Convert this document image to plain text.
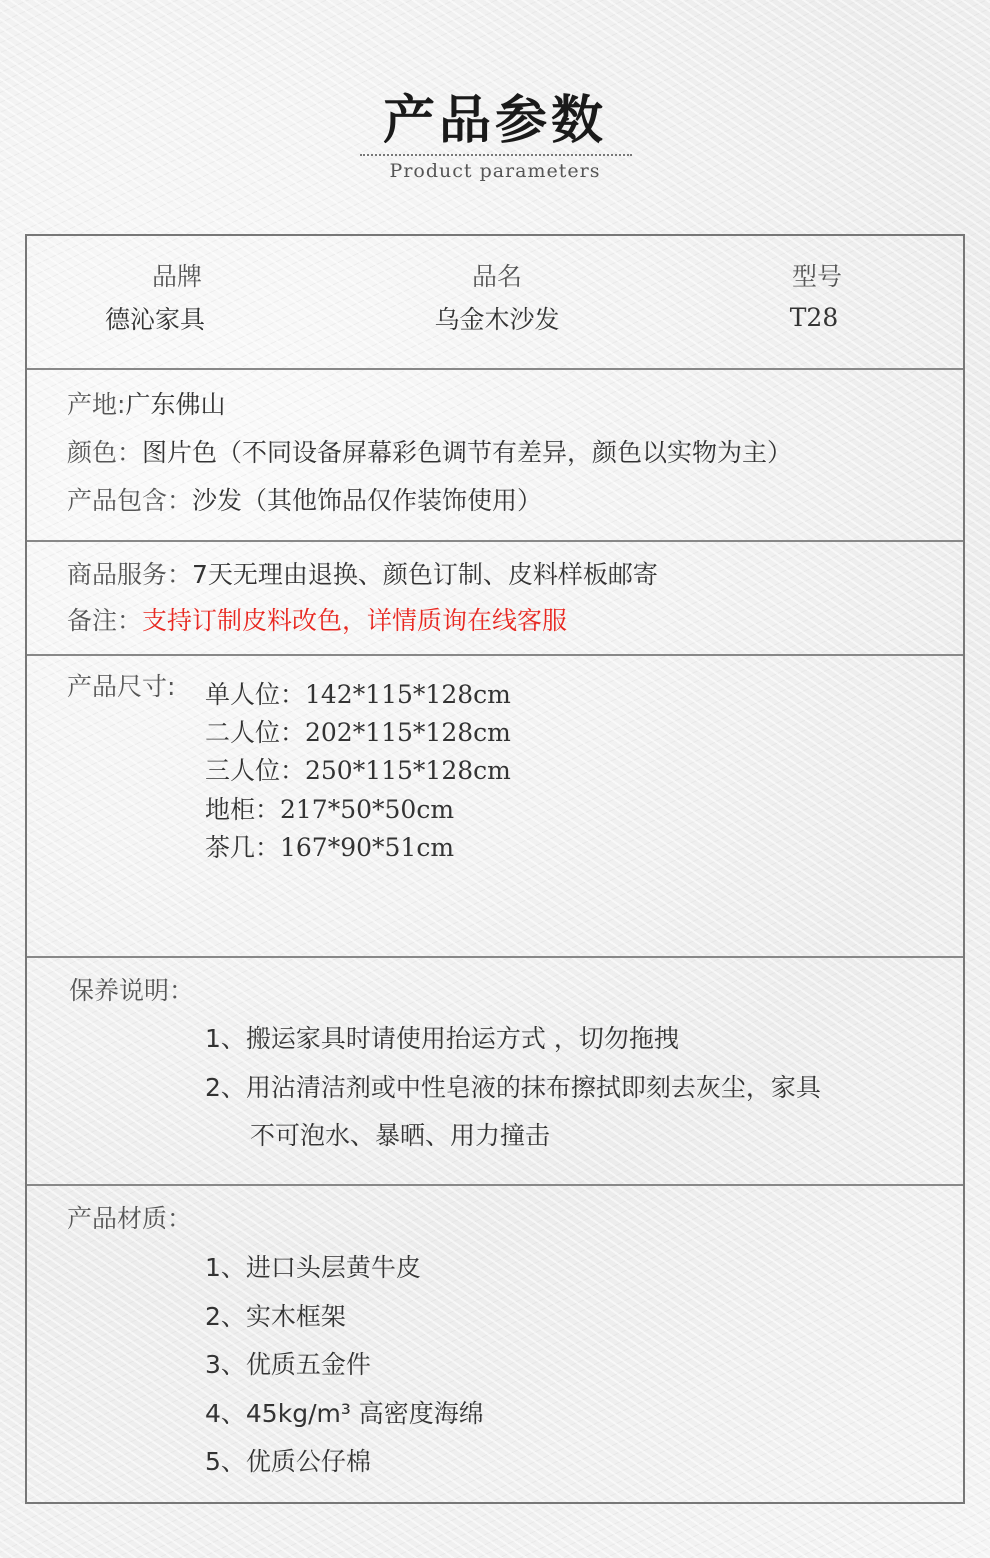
产品参数
Product parameters
品牌
德沁家具
品名
乌金木沙发
型号
T28
产地:广东佛山
颜色：图片色（不同设备屏幕彩色调节有差异，颜色以实物为主）
产品包含：沙发（其他饰品仅作装饰使用）
商品服务：7天无理由退换、颜色订制、皮料样板邮寄
备注：支持订制皮料改色，详情质询在线客服
产品尺寸: 单人位：142*115*128cm
二人位：202*115*128cm
三人位：250*115*128cm
地柜：217*50*50cm
茶几：167*90*51cm
保养说明：
1、搬运家具时请使用抬运方式 ，切勿拖拽
2、用沾清洁剂或中性皂液的抹布擦拭即刻去灰尘，家具
不可泡水、暴晒、用力撞击
产品材质：
1、进口头层黄牛皮
2、实木框架
3、优质五金件
4、45kg/m³ 高密度海绵
5、优质公仔棉
